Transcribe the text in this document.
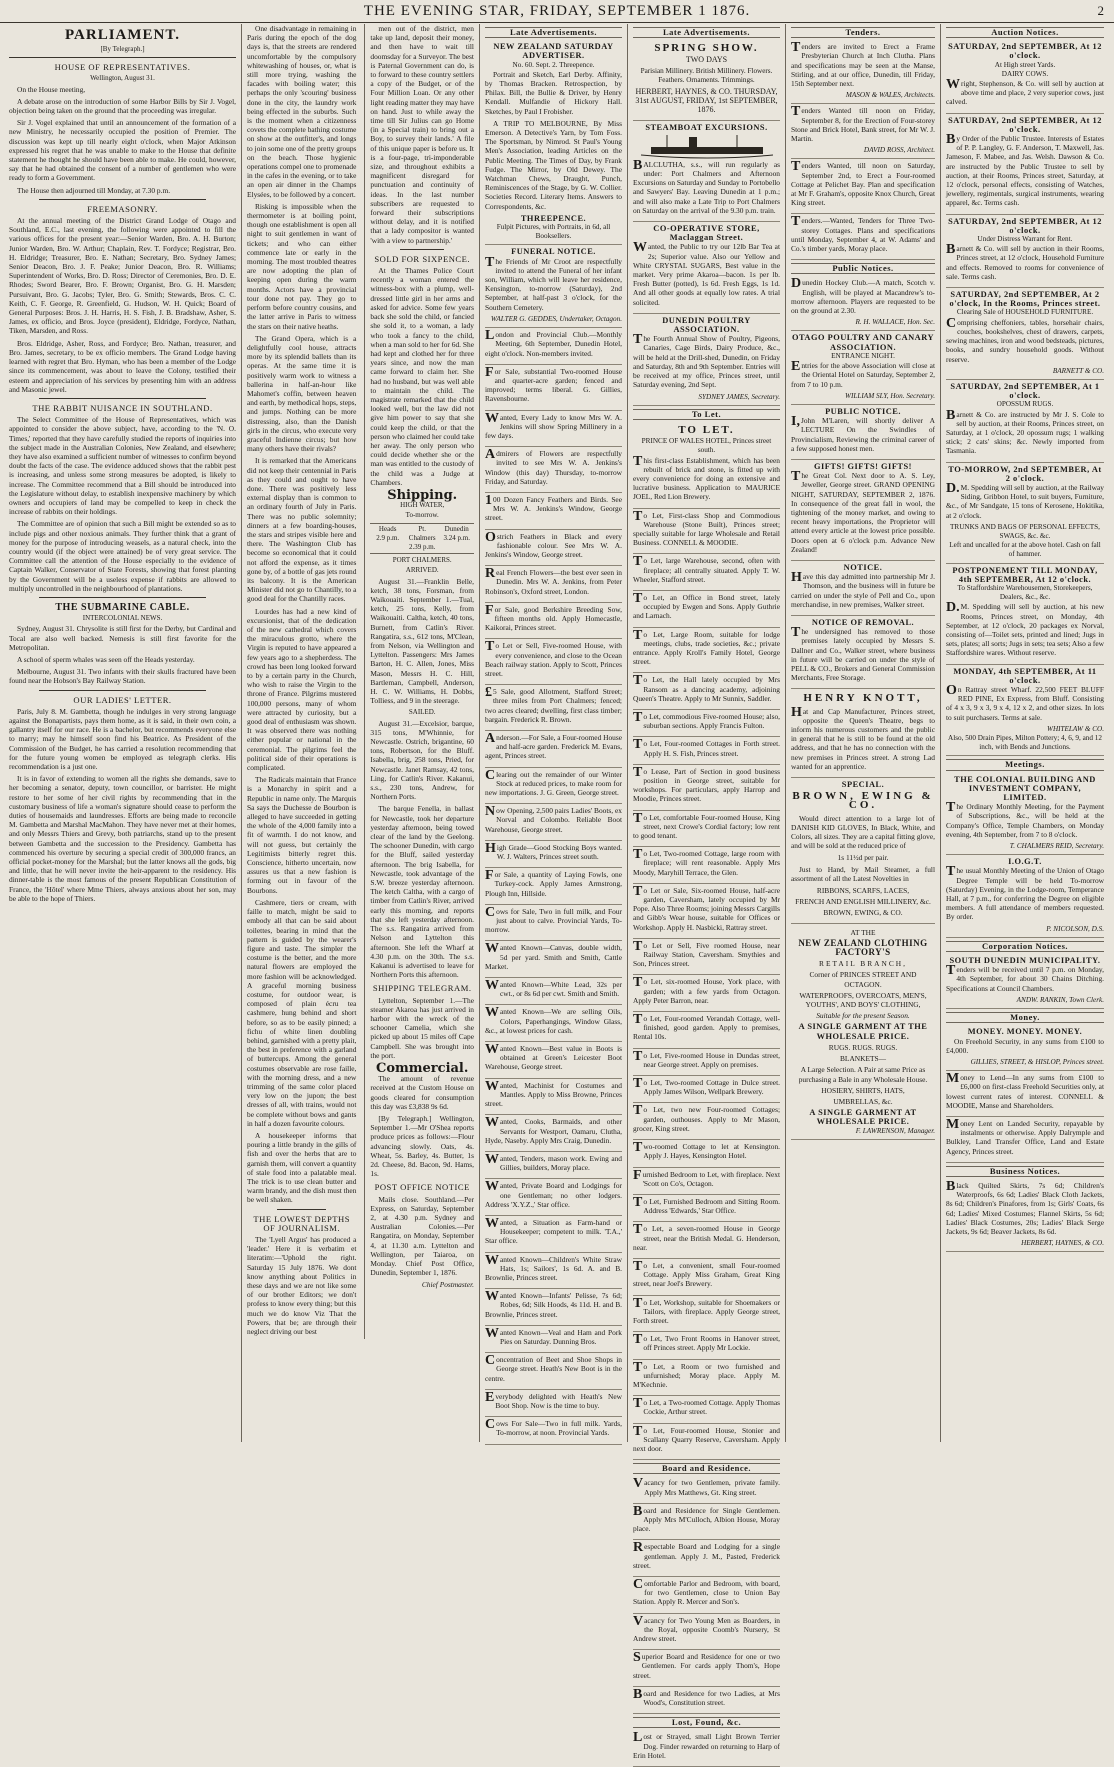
THE EVENING STAR, FRIDAY, SEPTEMBER 1 1876.	2
PARLIAMENT.
[By Telegraph.]
HOUSE OF REPRESENTATIVES.
Wellington, August 31.

On the House meeting,

A debate arose on the introduction of some Harbor Bills by Sir J. Vogel, objection being taken on the ground that the proceeding was irregular.

Sir J. Vogel explained that until an announcement of the formation of a new Ministry, he necessarily occupied the position of Premier. The discussion was kept up till nearly eight o'clock, when Major Atkinson expressed his regret that he was unable to make to the House that definite statement he thought he should have been able to make. He could, however, say that he had obtained the consent of a number of gentlemen who were ready to form a Government.

The House then adjourned till Monday, at 7.30 p.m.

FREEMASONRY.

At the annual meeting of the District Grand Lodge of Otago and Southland, E.C., last evening, the following were appointed to fill the various offices for the present year:—Senior Warden, Bro. A. H. Burton; Junior Warden, Bro. W. Arthur; Chaplain, Rev. T. Fordyce; Registrar, Bro. H. Eldridge; Treasurer, Bro. E. Nathan; Secretary, Bro. Sydney James; Senior Deacon, Bro. J. F. Peake; Junior Deacon, Bro. R. Williams; Superintendent of Works, Bro. D. Ross; Director of Ceremonies, Bro. D. E. Rhodes; Sword Bearer, Bro. F. Brown; Organist, Bro. G. H. Marsden; Pursuivant, Bro. G. Jacobs; Tyler, Bro. G. Smith; Stewards, Bros. C. C. Keith, C. F. George, R. Greenfield, G. Hudson, W. H. Quick; Board of General Purposes: Bros. J. H. Harris, H. S. Fish, J. B. Bradshaw, Asher, S. James, ex officio, and Bros. Joyce (president), Eldridge, Fordyce, Nathan, Tiken, Marsden, and Ross.

Bros. Eldridge, Asher, Ross, and Fordyce; Bro. Nathan, treasurer, and Bro. James, secretary, to be ex officio members. The Grand Lodge having learned with regret that Bro. Hyman, who has been a member of the Lodge since its commencement, was about to leave the Colony, testified their esteem and appreciation of his services by presenting him with an address and Masonic jewel.

THE RABBIT NUISANCE IN SOUTHLAND.

The Select Committee of the House of Representatives, which was appointed to consider the above subject, have, according to the 'N. O. Times,' reported that they have carefully studied the reports of inquiries into the subject made in the Australian Colonies, New Zealand, and elsewhere; they have also examined a sufficient number of witnesses to confirm beyond doubt the facts of the case. The evidence adduced shows that the rabbit pest is increasing, and unless some strong measures be adopted, is likely to increase. The Committee recommend that a Bill should be introduced into the Legislature without delay, to establish inexpensive machinery by which owners and occupiers of land may be compelled to keep in check the increase of rabbits on their holdings.

The Committee are of opinion that such a Bill might be extended so as to include pigs and other noxious animals. They further think that a grant of money for the purpose of introducing weasels, as a natural check, into the country would (if the object were attained) be of very great service. The Committee call the attention of the House especially to the evidence of Captain Walker, Conservator of State Forests, showing that forest planting by the Government will be a useless expense if rabbits are allowed to multiply uncontrolled in the neighbourhood of plantations.

THE SUBMARINE CABLE.
INTERCOLONIAL NEWS.

Sydney, August 31. Chrysolite is still first for the Derby, but Cardinal and Tocal are also well backed. Nemesis is still first favorite for the Metropolitan.

A school of sperm whales was seen off the Heads yesterday.

Melbourne, August 31. Two infants with their skulls fractured have been found near the Hobson's Bay Railway Station.

OUR LADIES' LETTER.

Paris, July 8. M. Gambetta, though he indulges in very strong language against the Bonapartists, pays them home, as it is said, in their own coin, a gallantry itself for our race. He is a bachelor, but recommends everyone else to marry; may he himself soon find his Beatrice. As President of the Commission of the Budget, he has carried a resolution recommending that for the future young women be employed as telegraph clerks. His recommendation is a just one.

It is in favor of extending to women all the rights she demands, save to her becoming a senator, deputy, town councillor, or barrister. He might restore to her some of her civil rights by recommending that in the customary business of life a woman's signature should cease to perform the duties of housemaids and laundresses. Efforts are being made to reconcile M. Gambetta and Marshal MacMahon. They have never met at their homes, and only Messrs Thiers and Grevy, both patriarchs, stand up to the present between Gambetta and the succession to the Presidency. Gambetta has commenced his overture by securing a special credit of 300,000 francs, an official pocket-money for the Marshal; but the latter knows all the gods, big and little, that he will never invite the heir-apparent to the residency. His dinner-table is the most famous of the present Republican Constitution of France, the 'Hôtel' where Mme Thiers, always anxious about her son, may be able to the hope of Thiers.

One disadvantage in remaining in Paris during the epoch of the dog days is, that the streets are rendered uncomfortable by the compulsory whitewashing of houses, or, what is still more trying, washing the facades with boiling water; this perhaps the only 'scouring' business done in the city, the laundry work being effected in the suburbs. Such is the moment when a citizenness covets the complete bathing costume on show at the outfitter's, and longs to join some one of the pretty groups on the beach. Those hygienic operations compel one to promenade in the cafes in the evening, or to take an open air dinner in the Champs Elysées, to be followed by a concert.

Risking is impossible when the thermometer is at boiling point, though one establishment is open all night to suit gentlemen in want of tickets; and who can either commence late or early in the morning. The most troubled theatres are now adopting the plan of keeping open during the warm months. Actors have a provincial tour done not pay. They go to perform before country cousins, and the latter arrive in Paris to witness the stars on their native heaths.

The Grand Opera, which is a delightfully cool house, attracts more by its splendid ballets than its operas. At the same time it is positively warm work to witness a ballerina in half-an-hour like Mahomet's coffin, between heaven and earth, by methodical hops, steps, and jumps. Nothing can be more distressing, also, than the Danish girls in the circus, who execute very graceful Indienne circus; but how many others have their rivals?

It is remarked that the Americans did not keep their centennial in Paris as they could and ought to have done. There was positively less external display than is common to an ordinary fourth of July in Paris. There was no public solemnity; dinners at a few boarding-houses, the stars and stripes visible here and there. The Washington Club has become so economical that it could not afford the expense, as it times gone by, of a bottle of gas jets round its balcony. It is the American Minister did not go to Chantilly, to a good deal for the Chantilly races.

Lourdes has had a new kind of excursionist, that of the dedication of the new cathedral which covers the miraculous grotto, where the Virgin is reputed to have appeared a few years ago to a shepherdess. The crowd has been long looked forward to by a certain party in the Church, who wish to raise the Virgin to the throne of France. Pilgrims mustered 100,000 persons, many of whom were attracted by curiosity, but a good deal of enthusiasm was shown. It was observed there was nothing either popular or national in the ceremonial. The pilgrims feel the political side of their operations is complicated.

The Radicals maintain that France is a Monarchy in spirit and a Republic in name only. The Marquis Sa says the Duchesse de Bourbon is alleged to have succeeded in getting the whole of the 4,000 family into a fit of warmth. I do not know, and will not guess, but certainly the Legitimists bitterly regret this. Conscience, hitherto uncertain, now assures us that a new fashion is forming out in favour of the Bourbons.

Cashmere, tiers or cream, with faille to match, might be said to embody all that can be said about toilettes, bearing in mind that the pattern is guided by the wearer's figure and taste. The simpler the costume is the better, and the more natural flowers are employed the more fashion will be acknowledged. A graceful morning business costume, for outdoor wear, is composed of plain écru tea cashmere, hung behind and short before, so as to be easily pinned; a fichu of white linen doubling behind, garnished with a pretty plait, the best in preference with a garland of buttercups. Among the general costumes observable are rose faille, with the morning dress, and a new trimming of the same color placed very low on the jupon; the best dresses of all, with trains, would not be complete without bows and gants in half a dozen favourite colours.

A housekeeper informs that pouring a little brandy in the gills of fish and over the herbs that are to garnish them, will convert a quantity of stale food into a palatable meal. The trick is to use clean butter and warm brandy, and the dish must then be well shaken.

THE LOWEST DEPTHS OF JOURNALISM.

The 'Lyell Argus' has produced a 'leader.' Here it is verbatim et literatim:—'Uphold the right. Saturday 15 July 1876. We dont know anything about Politics in these days and we are not like some of our brother Editors; we don't profess to know every thing; but this much we do know Viz That the Powers, that be; are through their neglect driving our best

men out of the district, men take up land, deposit their money, and then have to wait till doomsday for a Surveyor. The best is Paternal Government can do, is to forward to these country settlers a copy of the Budget, or of the Four Million Loan. Or any other light reading matter they may have on hand. Just to while away the time till Sir Julius can go Home (in a Special train) to bring out a Boy, to survey their lands.' A file of this unique paper is before us. It is a four-page, tri-imponderable size, and throughout exhibits a magnificent disregard for punctuation and continuity of ideas. In the last number subscribers are requested to forward their subscriptions without delay, and it is notified that a lady compositor is wanted 'with a view to partnership.'

SOLD FOR SIXPENCE.

At the Thames Police Court recently a woman entered the witness-box with a plump, well-dressed little girl in her arms and asked for advice. Some few years back she sold the child, or fancied she sold it, to a woman, a lady who took a fancy to the child, when a man sold to her for 6d. She had kept and clothed her for three years since, and now the man came forward to claim her. She had no husband, but was well able to maintain the child. The magistrate remarked that the child looked well, but the law did not give him power to say that she could keep the child, or that the person who claimed her could take her away. The only person who could decide whether she or the man was entitled to the custody of the child was a Judge at Chambers.

Shipping.
HIGH WATER,
To-morrow.
Heads
2.9 p.m.
Pt. Chalmers
2.39 p.m.
Dunedin
3.24 p.m.
PORT CHALMERS.
ARRIVED.

August 31.—Franklin Belle, ketch, 38 tons, Forsman, from Waikouaiti. September 1.—Tual, ketch, 25 tons, Kelly, from Waikouaiti. Caltha, ketch, 40 tons, Burnett, from Catlin's River. Rangatira, s.s., 612 tons, M'Clean, from Nelson, via Wellington and Lyttelton. Passengers: Mrs James Barton, H. C. Allen, Jones, Miss Mason, Messrs H. C. Hill, Bartleman, Campbell, Anderson, H. C. W. Williams, H. Dobbs, Tolliess, and 9 in the steerage.

SAILED.

August 31.—Excelsior, barque, 315 tons, M'Whinnie, for Newcastle. Ostrich, brigantine, 60 tons, Robertson, for the Bluff. Isabella, brig, 258 tons, Pried, for Newcastle. Janet Ramsay, 42 tons, Ling, for Catlin's River. Kakanui, s.s., 230 tons, Andrew, for Northern Ports.

The barque Fenella, in ballast for Newcastle, took her departure yesterday afternoon, being towed clear of the land by the Geelong. The schooner Dunedin, with cargo for the Bluff, sailed yesterday afternoon. The brig Isabella, for Newcastle, took advantage of the S.W. breeze yesterday afternoon. The ketch Caltha, with a cargo of timber from Catlin's River, arrived early this morning, and reports that she left yesterday afternoon. The s.s. Rangatira arrived from Nelson and Lyttelton this afternoon. She left the Wharf at 4.30 p.m. on the 30th. The s.s. Kakanui is advertised to leave for Northern Ports this afternoon.

SHIPPING TELEGRAM.

Lyttelton, September 1.—The steamer Akaroa has just arrived in harbor with the wreck of the schooner Camelia, which she picked up about 15 miles off Cape Campbell. She was brought into the port.

Commercial.

The amount of revenue received at the Custom House on goods cleared for consumption this day was £3,838 9s 6d.

[By Telegraph.] Wellington, September 1.—Mr O'Shea reports produce prices as follows:—Flour advancing slowly. Oats, 4s. Wheat, 5s. Barley, 4s. Butter, 1s 2d. Cheese, 8d. Bacon, 9d. Hams, 1s.

POST OFFICE NOTICE

Mails close. Southland.—Per Express, on Saturday, September 2, at 4.30 p.m. Sydney and Australian Colonies.—Per Rangatira, on Monday, September 4, at 11.30 a.m. Lyttelton and Wellington, per Taiaroa, on Monday. Chief Post Office, Dunedin, September 1, 1876.

Chief Postmaster.
Late Advertisements.
NEW ZEALAND SATURDAY ADVERTISER.
No. 60. Sept. 2. Threepence.

Portrait and Sketch, Earl Derby. Affinity, by Thomas Bracken. Retrospection, by Philax. Bill, the Bullie & Driver, by Henry Kendall. Mulfandie of Hickory Hall. Sketches, by Paul I Frobisher.

A TRIP TO MELBOURNE, By Miss Emerson. A Detective's Yarn, by Tom Foss. The Sportsman, by Nimrod. St Paul's Young Men's Association, leading Articles on the Public Meeting. The Times of Day, by Frank Fudge. The Mirror, by Old Dewey. The Watchman Chews, Draught, Punch, Reminiscences of the Stage, by G. W. Collier. Societies Record. Literary Items. Answers to Correspondents, &c.

THREEPENCE.
Fulpit Pictures, with Portraits, in 6d, all Booksellers.
FUNERAL NOTICE.

The Friends of Mr Croot are respectfully invited to attend the Funeral of her infant son, William, which will leave her residence, Kensington, to-morrow (Saturday), 2nd September, at half-past 3 o'clock, for the Southern Cemetery.

WALTER G. GEDDES, Undertaker, Octagon.

London and Provincial Club.—Monthly Meeting, 6th September, Dunedin Hotel, eight o'clock. Non-members invited.

For Sale, substantial Two-roomed House and quarter-acre garden; fenced and improved; terms liberal. G. Gillies, Ravensbourne.

Wanted, Every Lady to know Mrs W. A. Jenkins will show Spring Millinery in a few days.

Admirers of Flowers are respectfully invited to see Mrs W. A. Jenkins's Window (this day) Thursday, to-morrow Friday, and Saturday.

100 Dozen Fancy Feathers and Birds. See Mrs W. A. Jenkins's Window, George street.

Ostrich Feathers in Black and every fashionable colour. See Mrs W. A. Jenkins's Window, George street.

Real French Flowers—the best ever seen in Dunedin. Mrs W. A. Jenkins, from Peter Robinson's, Oxford street, London.

For Sale, good Berkshire Breeding Sow, fifteen months old. Apply Homecastle, Kaikorai, Princes street.

To Let or Sell, Five-roomed House, with every convenience, and close to the Ocean Beach railway station. Apply to Scott, Princes street.

£5 Sale, good Allotment, Stafford Street; three miles from Port Chalmers; fenced; two acres cleared; dwelling, first class timber; bargain. Frederick R. Brown.

Anderson.—For Sale, a Four-roomed House and half-acre garden. Frederick M. Evans, agent, Princes street.

Clearing out the remainder of our Winter Stock at reduced prices, to make room for new importations. J. G. Green, George street.

Now Opening, 2,500 pairs Ladies' Boots, ex Norval and Colombo. Reliable Boot Warehouse, George street.

High Grade—Good Stocking Boys wanted. W. J. Walters, Princes street south.

For Sale, a quantity of Laying Fowls, one Turkey-cock. Apply James Armstrong, Plough Inn, Hillside.

Cows for Sale, Two in full milk, and Four just about to calve. Provincial Yards, To-morrow.

Wanted Known—Canvas, double width, 5d per yard. Smith and Smith, Cattle Market.

Wanted Known—White Lead, 32s per cwt., or 8s 6d per cwt. Smith and Smith.

Wanted Known—We are selling Oils, Colors, Paperhangings, Window Glass, &c., at lowest prices for cash.

Wanted Known—Best value in Boots is obtained at Green's Leicester Boot Warehouse, George street.

Wanted, Machinist for Costumes and Mantles. Apply to Miss Browne, Princes street.

Wanted, Cooks, Barmaids, and other Servants for Westport, Oamaru, Clutha, Hyde, Naseby. Apply Mrs Craig, Dunedin.

Wanted, Tenders, mason work. Ewing and Gillies, builders, Moray place.

Wanted, Private Board and Lodgings for one Gentleman; no other lodgers. Address 'X.Y.Z.,' Star office.

Wanted, a Situation as Farm-hand or Housekeeper; competent to milk. 'T.A.,' Star office.

Wanted Known—Children's White Straw Hats, 1s; Sailors', 1s 6d. A. and B. Brownlie, Princes street.

Wanted Known—Infants' Pelisse, 7s 6d; Robes, 6d; Silk Hoods, 4s 11d. H. and B. Brownlie, Princes street.

Wanted Known—Veal and Ham and Pork Pies on Saturday. Dunning Bros.

Concentration of Beet and Shoe Shops in George street. Heath's New Boot is in the centre.

Everybody delighted with Heath's New Boot Shop. Now is the time to buy.

Cows For Sale—Two in full milk. Yards, To-morrow, at noon. Provincial Yards.

Late Advertisements.
SPRING SHOW.
TWO DAYS
Parisian Millinery. British Millinery. Flowers. Feathers. Ornaments. Trimmings.
HERBERT, HAYNES, & CO. THURSDAY, 31st AUGUST, FRIDAY, 1st SEPTEMBER, 1876.
STEAMBOAT EXCURSIONS.

BALCLUTHA, s.s., will run regularly as under: Port Chalmers and Afternoon Excursions on Saturday and Sunday to Portobello and Sawyers' Bay. Leaving Dunedin at 1 p.m.; and will also make a Late Trip to Port Chalmers on Saturday on the arrival of the 9.30 p.m. train.

CO-OPERATIVE STORE, Maclaggan Street.

Wanted, the Public to try our 12lb Bar Tea at 2s; Superior value. Also our Yellow and White CRYSTAL SUGARS, Best value in the market. Very prime Akaroa—bacon. 1s per lb. Fresh Butter (potted), 1s 6d. Fresh Eggs, 1s 1d. And all other goods at equally low rates. A trial solicited.

DUNEDIN POULTRY ASSOCIATION.

The Fourth Annual Show of Poultry, Pigeons, Canaries, Cage Birds, Dairy Produce, &c., will be held at the Drill-shed, Dunedin, on Friday and Saturday, 8th and 9th September. Entries will be received at my office, Princes street, until Saturday evening, 2nd Sept.

SYDNEY JAMES, Secretary.
To Let.
TO LET.
PRINCE OF WALES HOTEL, Princes street south.

This first-class Establishment, which has been rebuilt of brick and stone, is fitted up with every convenience for doing an extensive and lucrative business. Application to MAURICE JOEL, Red Lion Brewery.

To Let, First-class Shop and Commodious Warehouse (Stone Built), Princes street; specially suitable for large Wholesale and Retail Business. CONNELL & MOODIE.

To Let, large Warehouse, second, often with fireplace; all centrally situated. Apply T. W. Wheeler, Stafford street.

To Let, an Office in Bond street, lately occupied by Ewgen and Sons. Apply Guthrie and Larnach.

To Let, Large Room, suitable for lodge meetings, clubs, trade societies, &c.; private entrance. Apply Kroll's Family Hotel, George street.

To Let, the Hall lately occupied by Mrs Ransom as a dancing academy, adjoining Queen's Theatre. Apply to Mr Sunnix, Saddler.

To Let, commodious Five-roomed House; also, suburban sections. Apply Francis Fulton.

To Let, Four-roomed Cottages in Forth street. Apply H. S. Fish, Princes street.

To Lease, Part of Section in good business position in George street, suitable for workshops. For particulars, apply Harrop and Moodie, Princes street.

To Let, comfortable Four-roomed House, King street, next Crowe's Cordial factory; low rent to good tenant.

To Let, Two-roomed Cottage, large room with fireplace; will rent reasonable. Apply Mrs Moody, Maryhill Terrace, the Glen.

To Let or Sale, Six-roomed House, half-acre garden, Caversham, lately occupied by Mr Pope. Also Three Rooms; joining Messrs Cargills and Gibb's Wear house, suitable for Offices or Workshop. Apply H. Nasbicki, Rattray street.

To Let or Sell, Five roomed House, near Railway Station, Caversham. Smythies and Son, Princes street.

To Let, six-roomed House, York place, with garden; with a few yards from Octagon. Apply Peter Barron, near.

To Let, Four-roomed Verandah Cottage, well-finished, good garden. Apply to premises, Rental 10s.

To Let, Five-roomed House in Dundas street, near George street. Apply on premises.

To Let, Two-roomed Cottage in Dulce street. Apply James Wilson, Wellpark Brewery.

To Let, two new Four-roomed Cottages; garden, outhouses. Apply to Mr Mason, grocer, King street.

Two-roomed Cottage to let at Kensington. Apply J. Hayes, Kensington Hotel.

Furnished Bedroom to Let, with fireplace. Next 'Scott on Co's, Octagon.

To Let, Furnished Bedroom and Sitting Room. Address 'Edwards,' Star Office.

To Let, a seven-roomed House in George street, near the British Medal. G. Henderson, near.

To Let, a convenient, small Four-roomed Cottage. Apply Miss Graham, Great King street, near Joel's Brewery.

To Let, Workshop, suitable for Shoemakers or Tailors, with fireplace. Apply George street, Forth street.

To Let, Two Front Rooms in Hanover street, off Princes street. Apply Mr Lockie.

To Let, a Room or two furnished and unfurnished; Moray place. Apply M. M'Kechnie.

To Let, a Two-roomed Cottage. Apply Thomas Cockie, Arthur street.

To Let, Four-roomed House, Stonier and Scallany Quarry Reserve, Caversham. Apply next door.

Board and Residence.

Vacancy for two Gentlemen, private family. Apply Mrs Matthews, Gt. King street.

Board and Residence for Single Gentlemen. Apply Mrs M'Culloch, Albion House, Moray place.

Respectable Board and Lodging for a single gentleman. Apply J. M., Pasted, Frederick street.

Comfortable Parlor and Bedroom, with board, for two Gentlemen, close to Union Bay Station. Apply R. Mercer and Son's.

Vacancy for Two Young Men as Boarders, in the Royal, opposite Coomb's Nursery, St Andrew street.

Superior Board and Residence for one or two Gentlemen. For cards apply Thom's, Hope street.

Board and Residence for two Ladies, at Mrs Wood's, Constitution street.

Lost, Found, &c.

Lost or Strayed, small Light Brown Terrier Dog. Finder rewarded on returning to Harp of Erin Hotel.

Tenders.

Tenders are invited to Erect a Frame Presbyterian Church at Inch Clutha. Plans and specifications may be seen at the Manse, Stirling, and at our office, Dunedin, till Friday, 15th September next.

MASON & WALES, Architects.

Tenders Wanted till noon on Friday, September 8, for the Erection of Four-storey Stone and Brick Hotel, Bank street, for Mr W. J. Martin.

DAVID ROSS, Architect.

Tenders Wanted, till noon on Saturday, September 2nd, to Erect a Four-roomed Cottage at Pelichet Bay. Plan and specification at Mr F. Graham's, opposite Knox Church, Great King street.

Tenders.—Wanted, Tenders for Three Two-storey Cottages. Plans and specifications until Monday, September 4, at W. Adams' and Co.'s timber yards, Moray place.

Public Notices.

Dunedin Hockey Club.—A match, Scotch v. English, will be played at Macandrew's to-morrow afternoon. Players are requested to be on the ground at 2.30.

R. H. WALLACE, Hon. Sec.
OTAGO POULTRY AND CANARY ASSOCIATION.
ENTRANCE NIGHT.

Entries for the above Association will close at the Oriental Hotel on Saturday, September 2, from 7 to 10 p.m.

WILLIAM SLY, Hon. Secretary.
PUBLIC NOTICE.

I,John M'Laren, will shortly deliver A LECTURE On the Swindles of Provincialism, Reviewing the criminal career of a few supposed honest men.

GIFTS! GIFTS! GIFTS!

The Great Col. Next door to A. S. Ley, Jeweller, George street. GRAND OPENING NIGHT, SATURDAY, SEPTEMBER 2, 1876. In consequence of the great fall in wool, the tightening of the money market, and owing to recent heavy importations, the Proprietor will attend every article at the lowest price possible. Doors open at 6 o'clock p.m. Advance New Zealand!

NOTICE.

Have this day admitted into partnership Mr J. Thomson, and the business will in future be carried on under the style of Pell and Co., upon merchandise, in new premises, Walker street.

NOTICE OF REMOVAL.

The undersigned has removed to those premises lately occupied by Messrs S. Dallner and Co., Walker street, where business in future will be carried on under the style of PELL & CO., Brokers and General Commission Merchants, Free Storage.

HENRY KNOTT,

Hat and Cap Manufacturer, Princes street, opposite the Queen's Theatre, begs to inform his numerous customers and the public in general that he is still to be found at the old address, and that he has no connection with the new premises in Princes street. A strong Lad wanted for an apprentice.

SPECIAL.
BROWN, EWING & CO.

Would direct attention to a large lot of DANISH KID GLOVES, In Black, White, and Colors, all sizes. They are a capital fitting glove, and will be sold at the reduced price of

1s 11½d per pair.

Just to Hand, by Mail Steamer, a full assortment of all the Latest Novelties in

RIBBONS, SCARFS, LACES,
FRENCH AND ENGLISH MILLINERY, &c.
BROWN, EWING, & CO.
AT THE
NEW ZEALAND CLOTHING FACTORY'S
RETAIL BRANCH,
Corner of PRINCES STREET AND OCTAGON.
WATERPROOFS, OVERCOATS, MEN'S, YOUTHS', AND BOYS' CLOTHING,
Suitable for the present Season.
A SINGLE GARMENT AT THE WHOLESALE PRICE.
RUGS. RUGS. RUGS.
BLANKETS—
A Large Selection. A Pair at same Price as purchasing a Bale in any Wholesale House.
HOSIERY, SHIRTS, HATS,
UMBRELLAS, &c.
A SINGLE GARMENT AT WHOLESALE PRICE.
F. LAWRENSON, Manager.
Auction Notices.
SATURDAY, 2nd SEPTEMBER, At 12 o'clock.
At High street Yards.
DAIRY COWS.

Wright, Stephenson, & Co. will sell by auction at above time and place, 2 very superior cows, just calved.

SATURDAY, 2nd SEPTEMBER, At 12 o'clock.

By Order of the Public Trustee. Interests of Estates of P. P. Langley, G. F. Anderson, T. Maxwell, Jas. Jameson, F. Mabee, and Jas. Welsh. Dawson & Co. are instructed by the Public Trustee to sell by auction, at their Rooms, Princes street, Saturday, at 12 o'clock, personal effects, consisting of Watches, jewellery, regimentals, surgical instruments, wearing apparel, &c. Terms cash.

SATURDAY, 2nd SEPTEMBER, At 12 o'clock.
Under Distress Warrant for Rent.

Barnett & Co. will sell by auction in their Rooms, Princes street, at 12 o'clock, Household Furniture and effects. Removed to rooms for convenience of sale. Terms cash.

SATURDAY, 2nd SEPTEMBER, At 2 o'clock, In the Rooms, Princes street.
Clearing Sale of HOUSEHOLD FURNITURE.

Comprising cheffoniers, tables, horsehair chairs, couches, bookshelves, chest of drawers, carpets, sewing machines, iron and wood bedsteads, pictures, books, and sundry household goods. Without reserve.

BARNETT & CO.
SATURDAY, 2nd SEPTEMBER, At 1 o'clock.
OPOSSUM RUGS.

Barnett & Co. are instructed by Mr J. S. Cole to sell by auction, at their Rooms, Princes street, on Saturday, at 1 o'clock, 20 opossum rugs; 1 walking stick; 2 cats' skins; &c. Newly imported from Tasmania.

TO-MORROW, 2nd SEPTEMBER, At 2 o'clock.

D.M. Spedding will sell by auction, at the Railway Siding, Gribbon Hotel, to suit buyers, Furniture, &c., of Mr Sandgate, 15 tons of Kerosene, Hokitika, at 2 o'clock.

TRUNKS AND BAGS OF PERSONAL EFFECTS, SWAGS, &c. &c.
Left and uncalled for at the above hotel. Cash on fall of hammer.
POSTPONEMENT TILL MONDAY, 4th SEPTEMBER, At 12 o'clock.
To Staffordshire Warehousemen, Storekeepers, Dealers, &c., &c.

D.M. Spedding will sell by auction, at his new Rooms, Princes street, on Monday, 4th September, at 12 o'clock, 20 packages ex Norval, consisting of—Toilet sets, printed and lined; Jugs in sets, plates; all sorts; Jugs in sets; tea sets; Also a few Staffordshire wares. Without reserve.

MONDAY, 4th SEPTEMBER, At 11 o'clock.

On Rattray street Wharf. 22,500 FEET BLUFF RED PINE, Ex Express, from Bluff. Consisting of 4 x 3, 9 x 3, 9 x 4, 12 x 2, and other sizes. In lots to suit purchasers. Terms at sale.

WHITELAW & CO.
Also, 500 Drain Pipes, Milton Pottery; 4, 6, 9, and 12 inch, with Bends and Junctions.
Meetings.
THE COLONIAL BUILDING AND INVESTMENT COMPANY, LIMITED.

The Ordinary Monthly Meeting, for the Payment of Subscriptions, &c., will be held at the Company's Office, Temple Chambers, on Monday evening, 4th September, from 7 to 8 o'clock.

T. CHALMERS REID, Secretary.
I.O.G.T.

The usual Monthly Meeting of the Union of Otago Degree Temple will be held To-morrow (Saturday) Evening, in the Lodge-room, Temperance Hall, at 7 p.m., for conferring the Degree on eligible members. A full attendance of members requested. By order.

P. NICOLSON, D.S.
Corporation Notices.
SOUTH DUNEDIN MUNICIPALITY.

Tenders will be received until 7 p.m. on Monday, 4th September, for about 30 Chains Ditching. Specifications at Council Chambers.

ANDW. RANKIN, Town Clerk.
Money.
MONEY. MONEY. MONEY.

On Freehold Security, in any sums from £100 to £4,000.

GILLIES, STREET, & HISLOP, Princes street.

Money to Lend—In any sums from £100 to £6,000 on first-class Freehold Securities only, at lowest current rates of interest. CONNELL & MOODIE, Manse and Shareholders.

Money Lent on Landed Security, repayable by instalments or otherwise. Apply Dalrymple and Bulkley, Land Transfer Office, Land and Estate Agency, Princes street.

Business Notices.

Black Quilted Skirts, 7s 6d; Children's Waterproofs, 6s 6d; Ladies' Black Cloth Jackets, 8s 6d; Children's Pinafores, from 1s; Girls' Coats, 6s 6d; Ladies' Mixed Costumes; Flannel Skirts, 5s 6d; Ladies' Black Costumes, 20s; Ladies' Black Serge Jackets, 9s 6d; Beaver Jackets, 8s 6d.

HERBERT, HAYNES, & CO.
